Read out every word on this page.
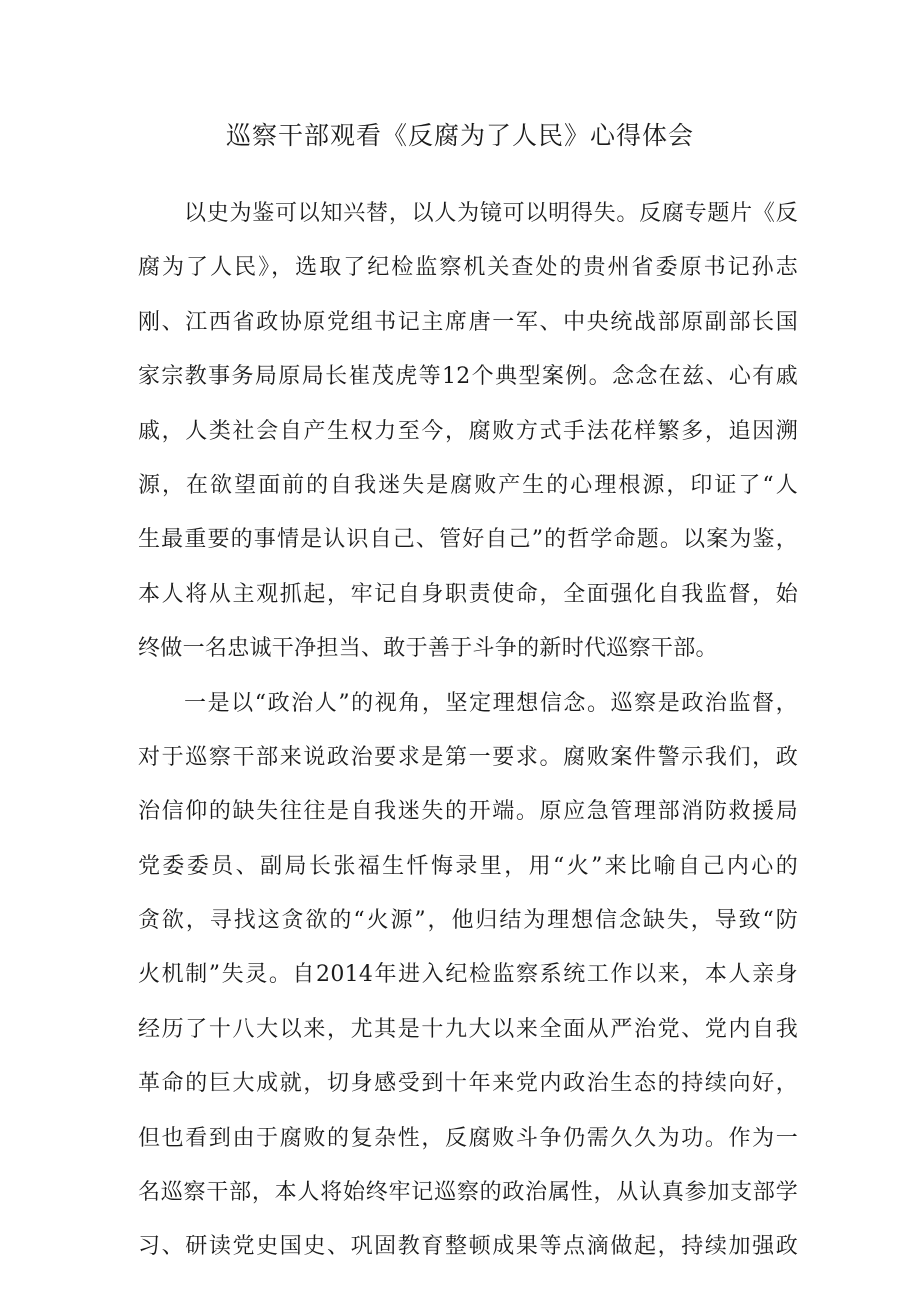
巡察干部观看《反腐为了人民》心得体会
以史为鉴可以知兴替，以人为镜可以明得失。反腐专题片《反
腐为了人民》，选取了纪检监察机关查处的贵州省委原书记孙志
刚、江西省政协原党组书记主席唐一军、中央统战部原副部长国
家宗教事务局原局长崔茂虎等12个典型案例。念念在兹、心有戚
戚，人类社会自产生权力至今，腐败方式手法花样繁多，追因溯
源，在欲望面前的自我迷失是腐败产生的心理根源，印证了“人
生最重要的事情是认识自己、管好自己”的哲学命题。以案为鉴，
本人将从主观抓起，牢记自身职责使命，全面强化自我监督，始
终做一名忠诚干净担当、敢于善于斗争的新时代巡察干部。
一是以“政治人”的视角，坚定理想信念。巡察是政治监督，
对于巡察干部来说政治要求是第一要求。腐败案件警示我们，政
治信仰的缺失往往是自我迷失的开端。原应急管理部消防救援局
党委委员、副局长张福生忏悔录里，用“火”来比喻自己内心的
贪欲，寻找这贪欲的“火源”，他归结为理想信念缺失，导致“防
火机制”失灵。自2014年进入纪检监察系统工作以来，本人亲身
经历了十八大以来，尤其是十九大以来全面从严治党、党内自我
革命的巨大成就，切身感受到十年来党内政治生态的持续向好，
但也看到由于腐败的复杂性，反腐败斗争仍需久久为功。作为一
名巡察干部，本人将始终牢记巡察的政治属性，从认真参加支部学
习、研读党史国史、巩固教育整顿成果等点滴做起，持续加强政
